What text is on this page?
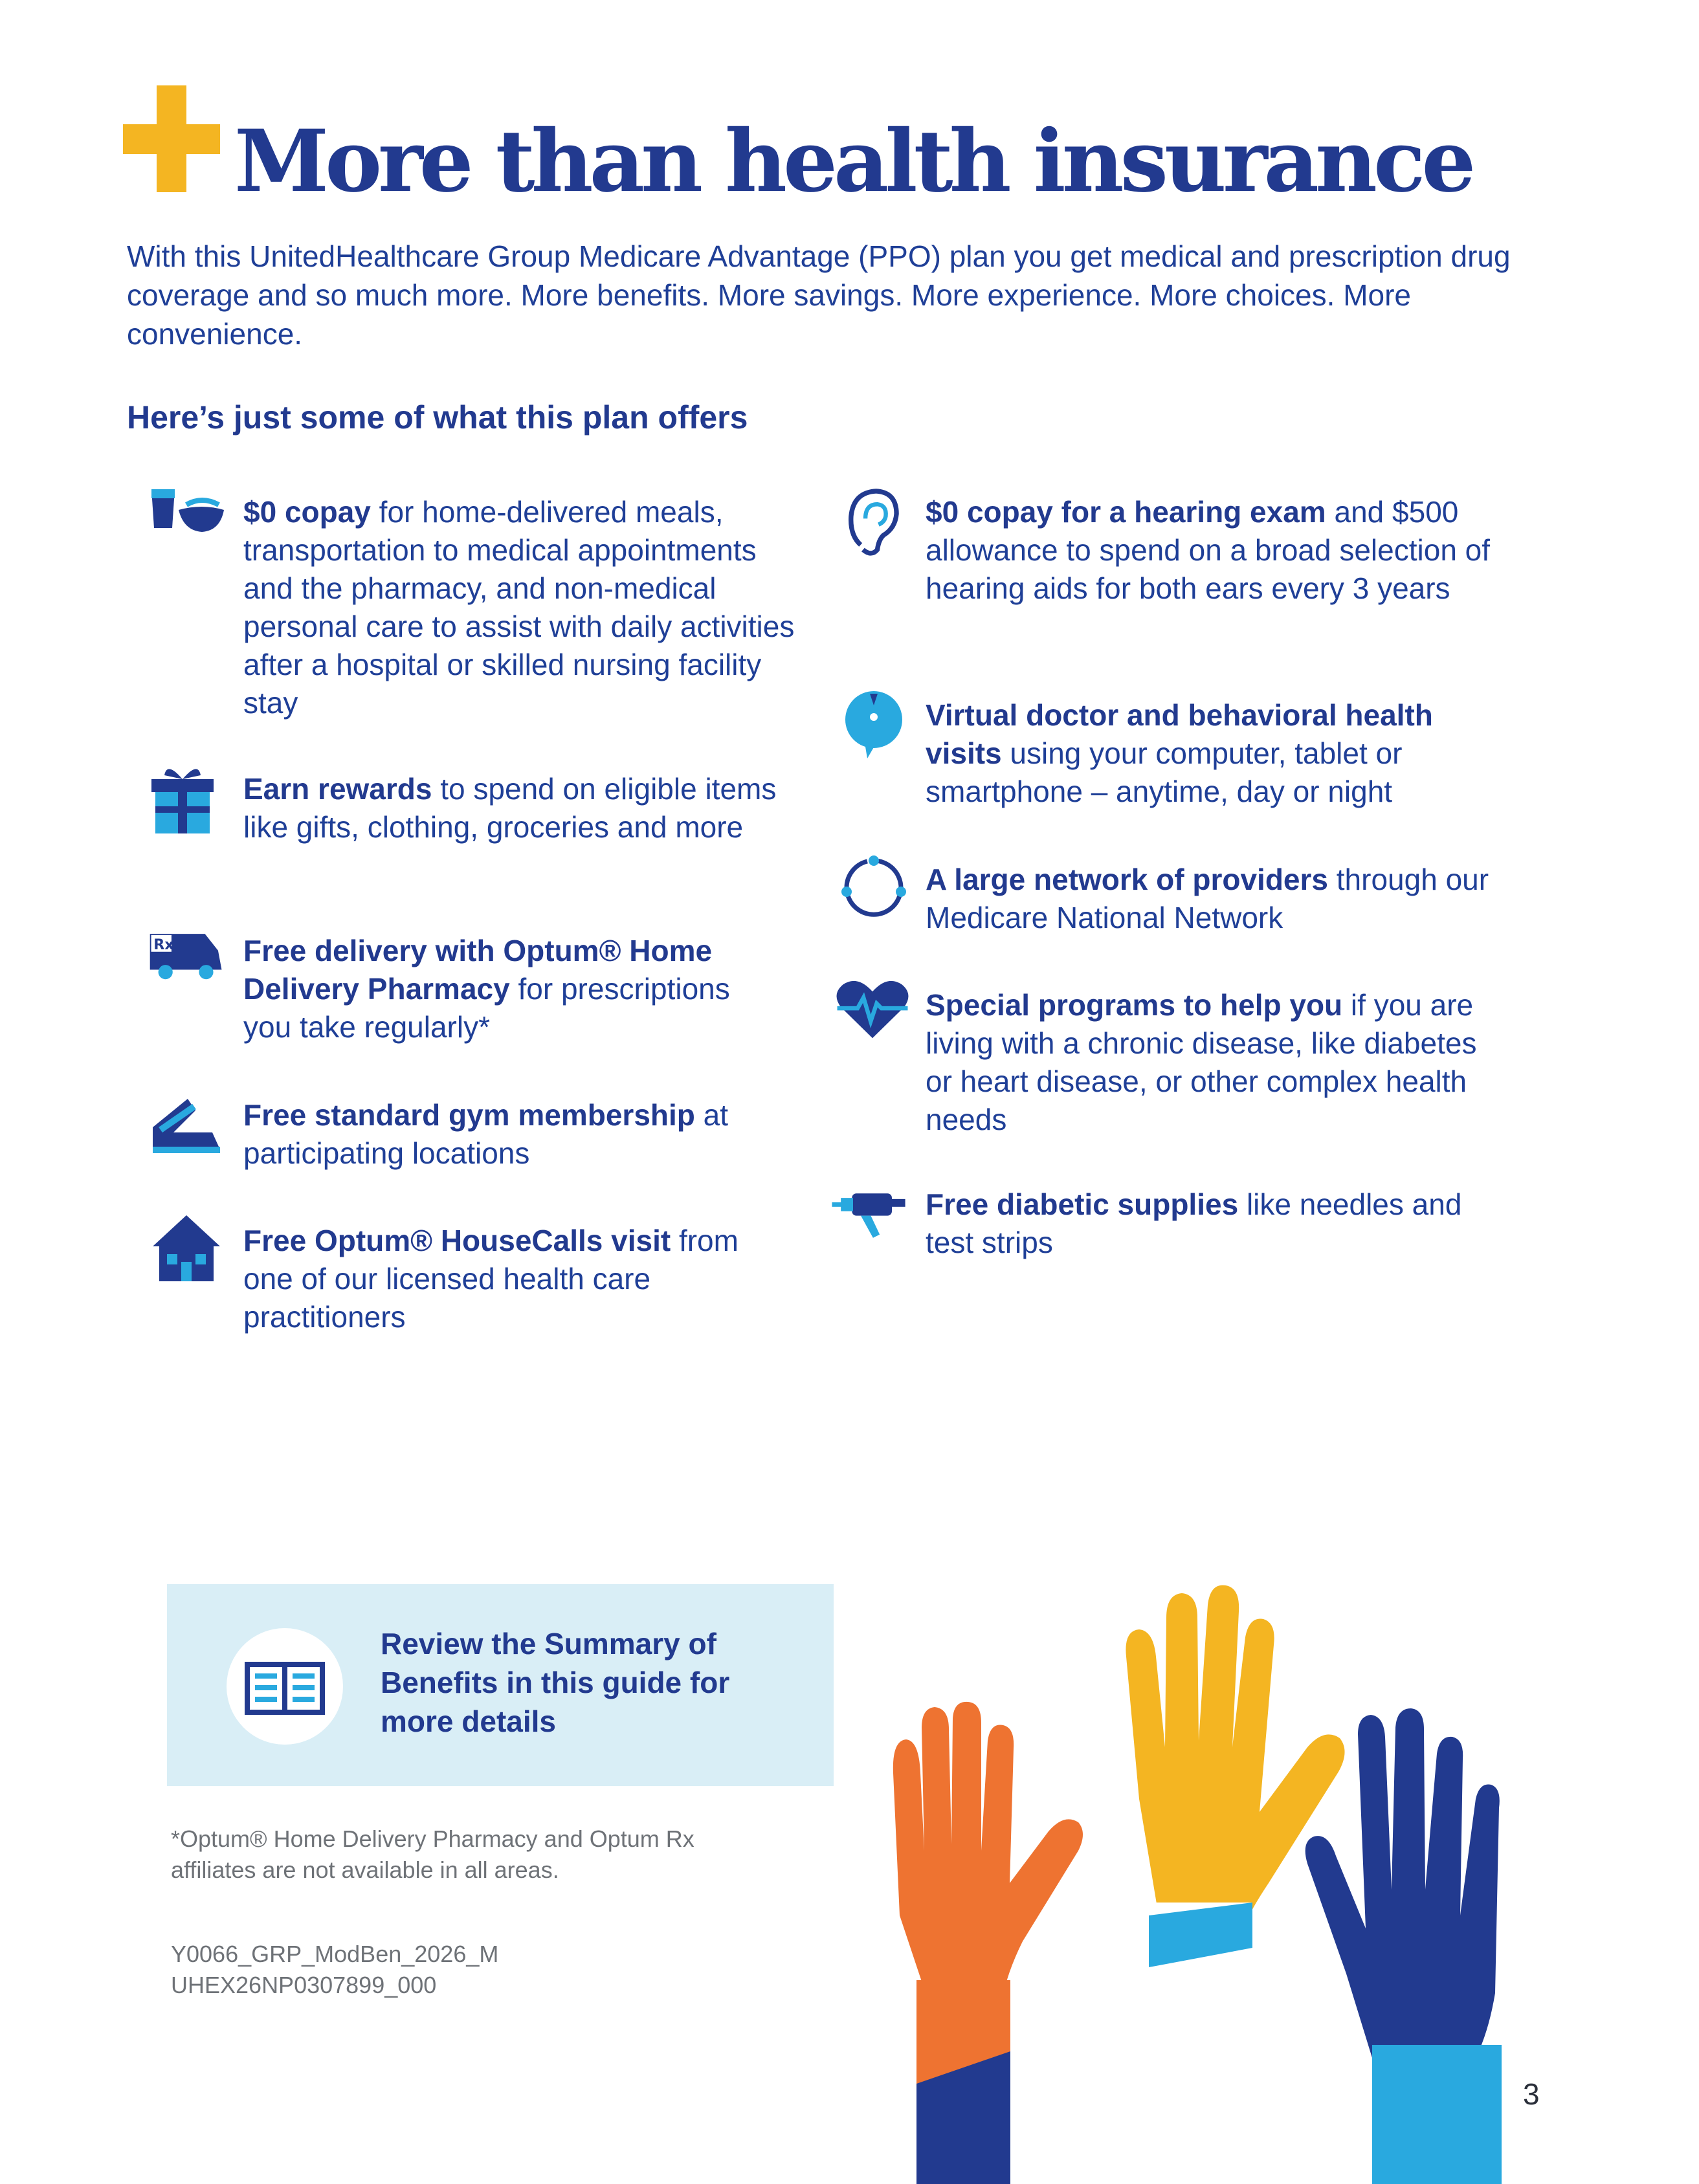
More than health insurance
With this UnitedHealthcare Group Medicare Advantage (PPO) plan you get medical and prescription drug coverage and so much more. More benefits. More savings. More experience. More choices. More convenience.
Here’s just some of what this plan offers
$0 copay for home-delivered meals, transportation to medical appointments and the pharmacy, and non-medical personal care to assist with daily activities after a hospital or skilled nursing facility stay
Earn rewards to spend on eligible items like gifts, clothing, groceries and more
Rx Free delivery with Optum® Home Delivery Pharmacy for prescriptions you take regularly*
Free standard gym membership at participating locations
Free Optum® HouseCalls visit from one of our licensed health care practitioners
$0 copay for a hearing exam and $500 allowance to spend on a broad selection of hearing aids for both ears every 3 years
Virtual doctor and behavioral health visits using your computer, tablet or smartphone – anytime, day or night
A large network of providers through our Medicare National Network
Special programs to help you if you are living with a chronic disease, like diabetes or heart disease, or other complex health needs
Free diabetic supplies like needles and test strips
Review the Summary of Benefits in this guide for more details
*Optum® Home Delivery Pharmacy and Optum Rx
affiliates are not available in all areas.
Y0066_GRP_ModBen_2026_M
UHEX26NP0307899_000
3
